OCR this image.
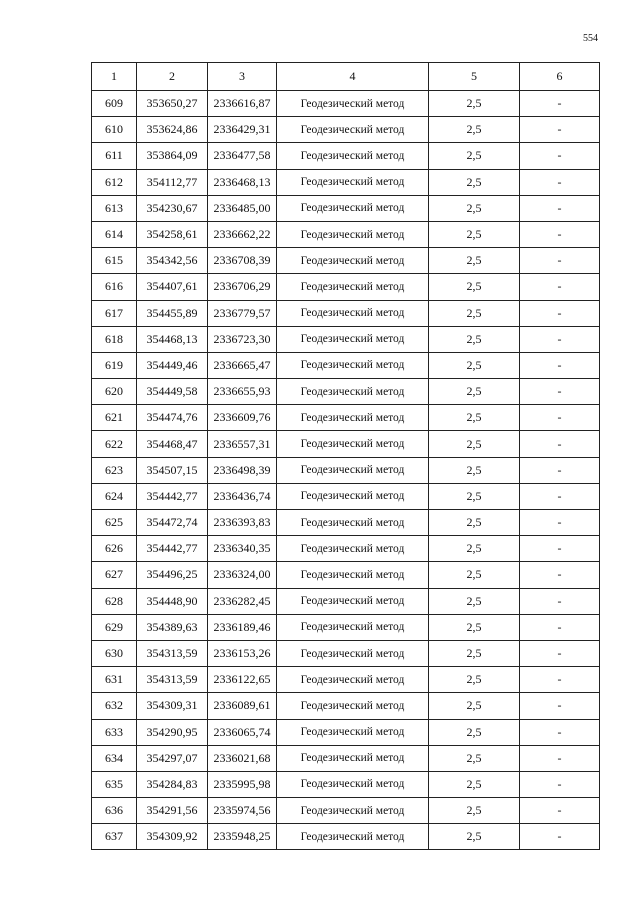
554
1	2	3	4	5	6
609	353650,27	2336616,87	Геодезический метод	2,5	-
610	353624,86	2336429,31	Геодезический метод	2,5	-
611	353864,09	2336477,58	Геодезический метод	2,5	-
612	354112,77	2336468,13	Геодезический метод	2,5	-
613	354230,67	2336485,00	Геодезический метод	2,5	-
614	354258,61	2336662,22	Геодезический метод	2,5	-
615	354342,56	2336708,39	Геодезический метод	2,5	-
616	354407,61	2336706,29	Геодезический метод	2,5	-
617	354455,89	2336779,57	Геодезический метод	2,5	-
618	354468,13	2336723,30	Геодезический метод	2,5	-
619	354449,46	2336665,47	Геодезический метод	2,5	-
620	354449,58	2336655,93	Геодезический метод	2,5	-
621	354474,76	2336609,76	Геодезический метод	2,5	-
622	354468,47	2336557,31	Геодезический метод	2,5	-
623	354507,15	2336498,39	Геодезический метод	2,5	-
624	354442,77	2336436,74	Геодезический метод	2,5	-
625	354472,74	2336393,83	Геодезический метод	2,5	-
626	354442,77	2336340,35	Геодезический метод	2,5	-
627	354496,25	2336324,00	Геодезический метод	2,5	-
628	354448,90	2336282,45	Геодезический метод	2,5	-
629	354389,63	2336189,46	Геодезический метод	2,5	-
630	354313,59	2336153,26	Геодезический метод	2,5	-
631	354313,59	2336122,65	Геодезический метод	2,5	-
632	354309,31	2336089,61	Геодезический метод	2,5	-
633	354290,95	2336065,74	Геодезический метод	2,5	-
634	354297,07	2336021,68	Геодезический метод	2,5	-
635	354284,83	2335995,98	Геодезический метод	2,5	-
636	354291,56	2335974,56	Геодезический метод	2,5	-
637	354309,92	2335948,25	Геодезический метод	2,5	-
